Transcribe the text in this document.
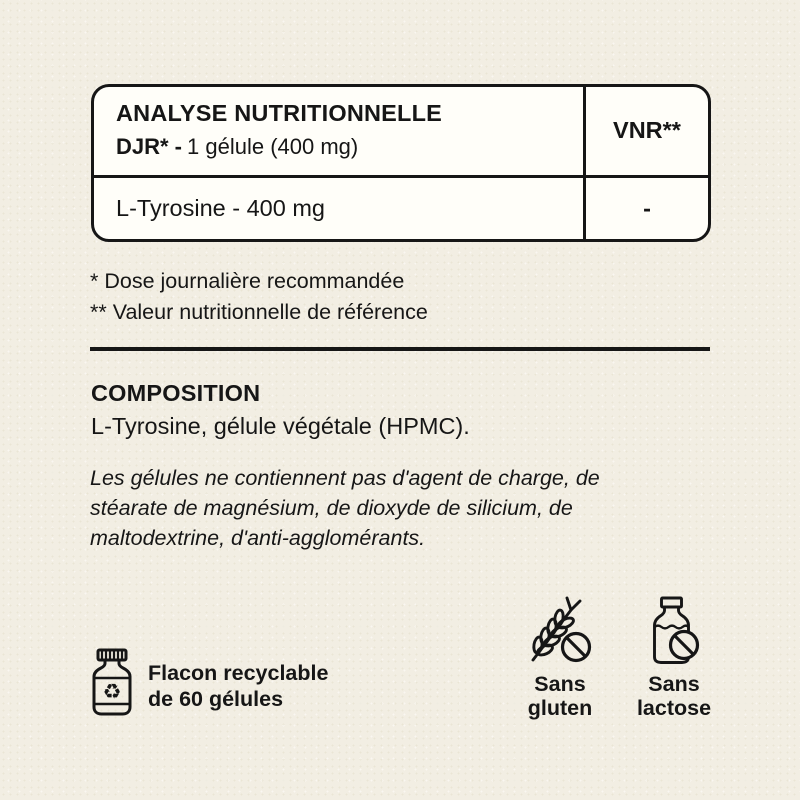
ANALYSE NUTRITIONNELLE
DJR* - 1 gélule (400 mg)
VNR**
L-Tyrosine - 400 mg	-
* Dose journalière recommandée
** Valeur nutritionnelle de référence
COMPOSITION
L-Tyrosine, gélule végétale (HPMC).
Les gélules ne contiennent pas d'agent de charge, de
stéarate de magnésium, de dioxyde de silicium, de
maltodextrine, d'anti-agglomérants.
♻
Flacon recyclable
de 60 gélules
Sans
gluten
Sans
lactose
